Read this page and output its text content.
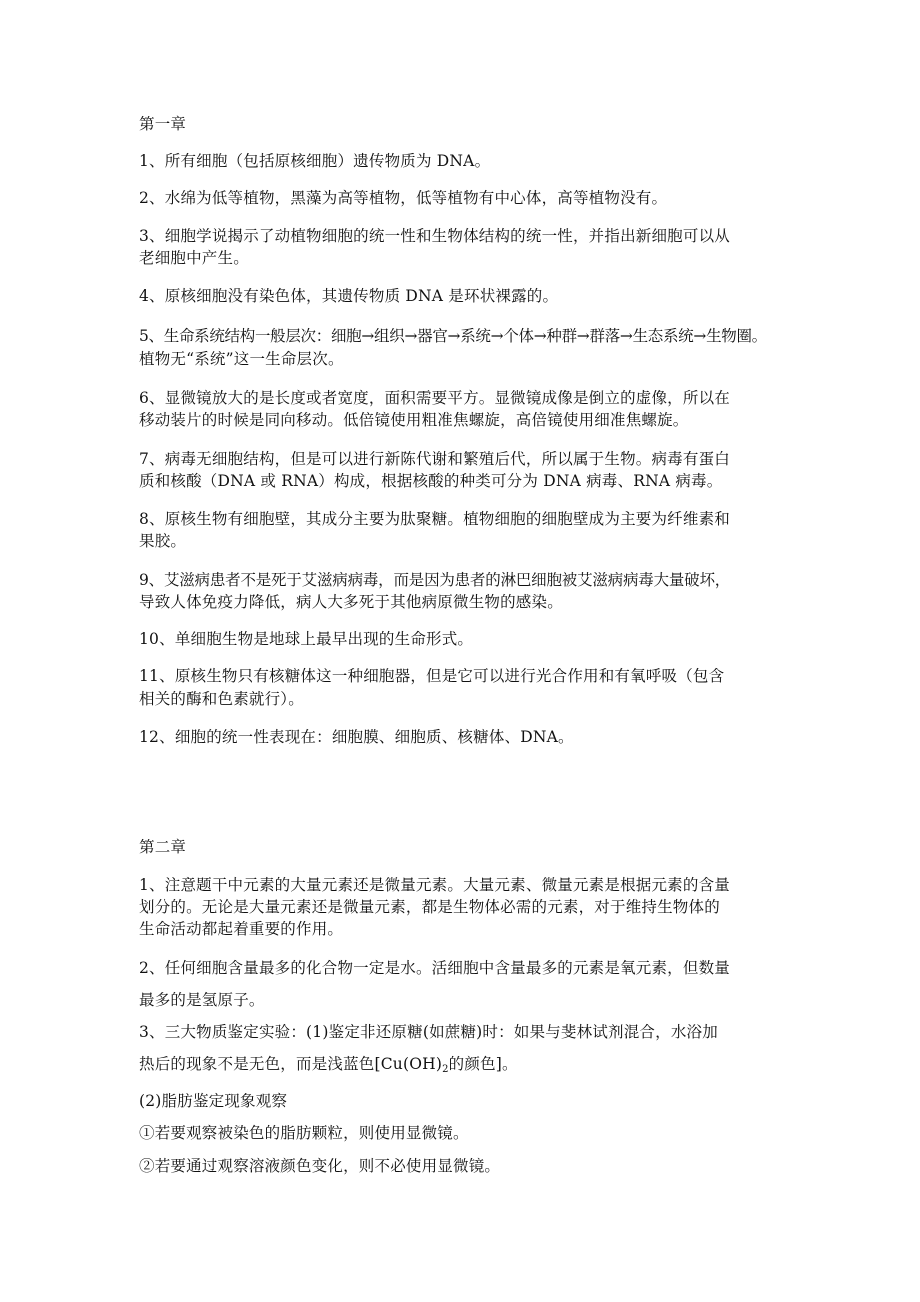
第一章
1、所有细胞（包括原核细胞）遗传物质为 DNA。
2、水绵为低等植物，黑藻为高等植物，低等植物有中心体，高等植物没有。
3、细胞学说揭示了动植物细胞的统一性和生物体结构的统一性，并指出新细胞可以从
老细胞中产生。
4、原核细胞没有染色体，其遗传物质 DNA 是环状裸露的。
5、生命系统结构一般层次：细胞→组织→器官→系统→个体→种群→群落→生态系统→生物圈。
植物无“系统”这一生命层次。
6、显微镜放大的是长度或者宽度，面积需要平方。显微镜成像是倒立的虚像，所以在
移动装片的时候是同向移动。低倍镜使用粗准焦螺旋，高倍镜使用细准焦螺旋。
7、病毒无细胞结构，但是可以进行新陈代谢和繁殖后代，所以属于生物。病毒有蛋白
质和核酸（DNA 或 RNA）构成，根据核酸的种类可分为 DNA 病毒、RNA 病毒。
8、原核生物有细胞壁，其成分主要为肽聚糖。植物细胞的细胞壁成为主要为纤维素和
果胶。
9、艾滋病患者不是死于艾滋病病毒，而是因为患者的淋巴细胞被艾滋病病毒大量破坏，
导致人体免疫力降低，病人大多死于其他病原微生物的感染。
10、单细胞生物是地球上最早出现的生命形式。
11、原核生物只有核糖体这一种细胞器，但是它可以进行光合作用和有氧呼吸（包含
相关的酶和色素就行）。
12、细胞的统一性表现在：细胞膜、细胞质、核糖体、DNA。
第二章
1、注意题干中元素的大量元素还是微量元素。大量元素、微量元素是根据元素的含量
划分的。无论是大量元素还是微量元素，都是生物体必需的元素，对于维持生物体的
生命活动都起着重要的作用。
2、任何细胞含量最多的化合物一定是水。活细胞中含量最多的元素是氧元素，但数量
最多的是氢原子。
3、三大物质鉴定实验：(1)鉴定非还原糖(如蔗糖)时：如果与斐林试剂混合，水浴加
热后的现象不是无色，而是浅蓝色[$Cu(OH)_2$的颜色]。
(2)脂肪鉴定现象观察
①若要观察被染色的脂肪颗粒，则使用显微镜。
②若要通过观察溶液颜色变化，则不必使用显微镜。
